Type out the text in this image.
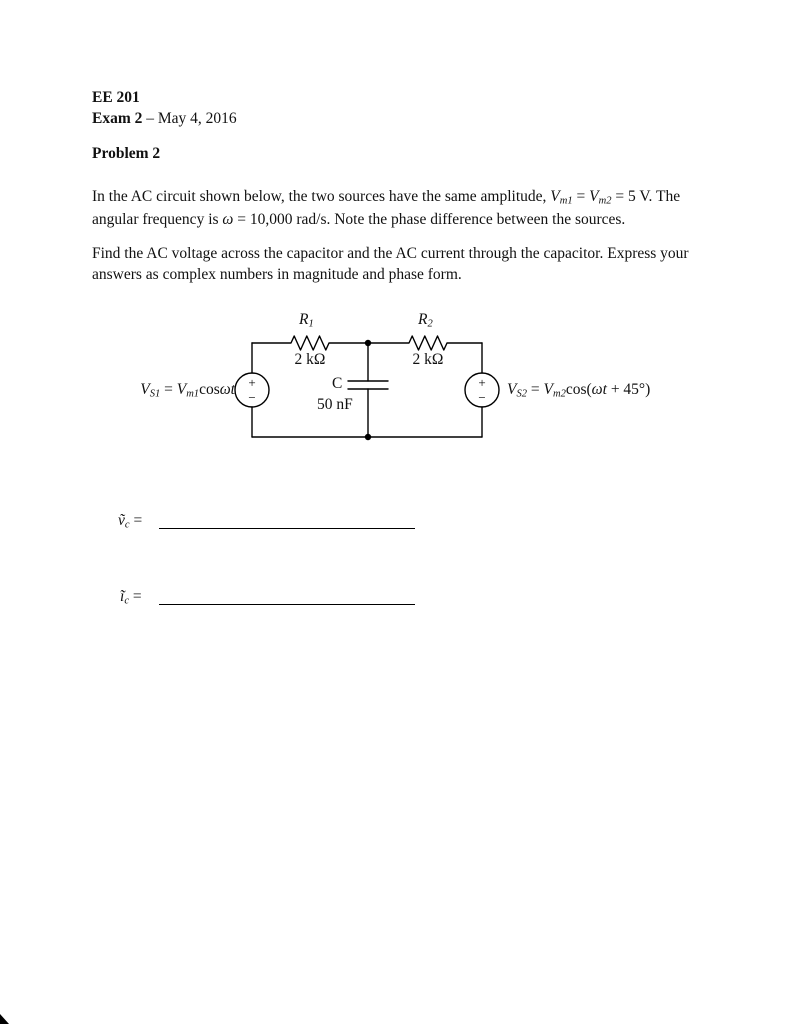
EE 201
Exam 2 – May 4, 2016
Problem 2

In the AC circuit shown below, the two sources have the same amplitude, Vm1 = Vm2 = 5 V. The angular frequency is ω = 10,000 rad/s. Note the phase difference between the sources.

Find the AC voltage across the capacitor and the AC current through the capacitor. Express your answers as complex numbers in magnitude and phase form.

+
−
+
−
R1
2 kΩ
R2
2 kΩ
C
50 nF
VS1 = Vm1cosωt	VS2 = Vm2cos(ωt + 45°)
ṽc =
ĩc =
